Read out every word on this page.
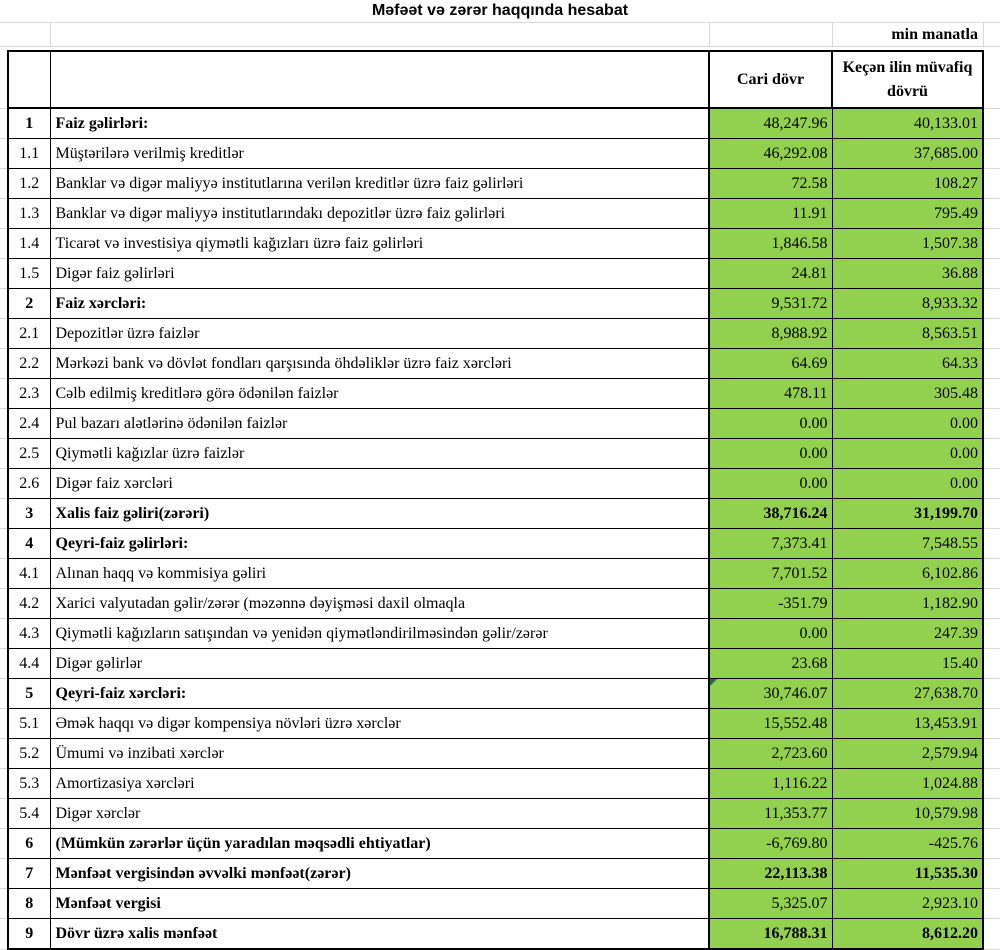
Məfəət və zərər haqqında hesabat
min manatla
			Cari dövr	Keçən ilin müvafiq dövrü	
	1	Faiz gəlirləri:	48,247.96	40,133.01	
	1.1	Müştərilərə verilmiş kreditlər	46,292.08	37,685.00	
	1.2	Banklar və digər maliyyə institutlarına verilən kreditlər üzrə faiz gəlirləri	72.58	108.27	
	1.3	Banklar və digər maliyyə institutlarındakı depozitlər üzrə faiz gəlirləri	11.91	795.49	
	1.4	Ticarət və investisiya qiymətli kağızları üzrə faiz gəlirləri	1,846.58	1,507.38	
	1.5	Digər faiz gəlirləri	24.81	36.88	
	2	Faiz xərcləri:	9,531.72	8,933.32	
	2.1	Depozitlər üzrə faizlər	8,988.92	8,563.51	
	2.2	Mərkəzi bank və dövlət fondları qarşısında öhdəliklər üzrə faiz xərcləri	64.69	64.33	
	2.3	Cəlb edilmiş kreditlərə görə ödənilən faizlər	478.11	305.48	
	2.4	Pul bazarı alətlərinə ödənilən faizlər	0.00	0.00	
	2.5	Qiymətli kağızlar üzrə faizlər	0.00	0.00	
	2.6	Digər faiz xərcləri	0.00	0.00	
	3	Xalis faiz gəliri(zərəri)	38,716.24	31,199.70	
	4	Qeyri-faiz gəlirləri:	7,373.41	7,548.55	
	4.1	Alınan haqq və kommisiya gəliri	7,701.52	6,102.86	
	4.2	Xarici valyutadan gəlir/zərər (məzənnə dəyişməsi daxil olmaqla	-351.79	1,182.90	
	4.3	Qiymətli kağızların satışından və yenidən qiymətləndirilməsindən gəlir/zərər	0.00	247.39	
	4.4	Digər gəlirlər	23.68	15.40	
	5	Qeyri-faiz xərcləri:	30,746.07	27,638.70	
	5.1	Əmək haqqı və digər kompensiya növləri üzrə xərclər	15,552.48	13,453.91	
	5.2	Ümumi və inzibati xərclər	2,723.60	2,579.94	
	5.3	Amortizasiya xərcləri	1,116.22	1,024.88	
	5.4	Digər xərclər	11,353.77	10,579.98	
	6	(Mümkün zərərlər üçün yaradılan məqsədli ehtiyatlar)	-6,769.80	-425.76	
	7	Mənfəət vergisindən əvvəlki mənfəət(zərər)	22,113.38	11,535.30	
	8	Mənfəət vergisi	5,325.07	2,923.10	
	9	Dövr üzrə xalis mənfəət	16,788.31	8,612.20	
